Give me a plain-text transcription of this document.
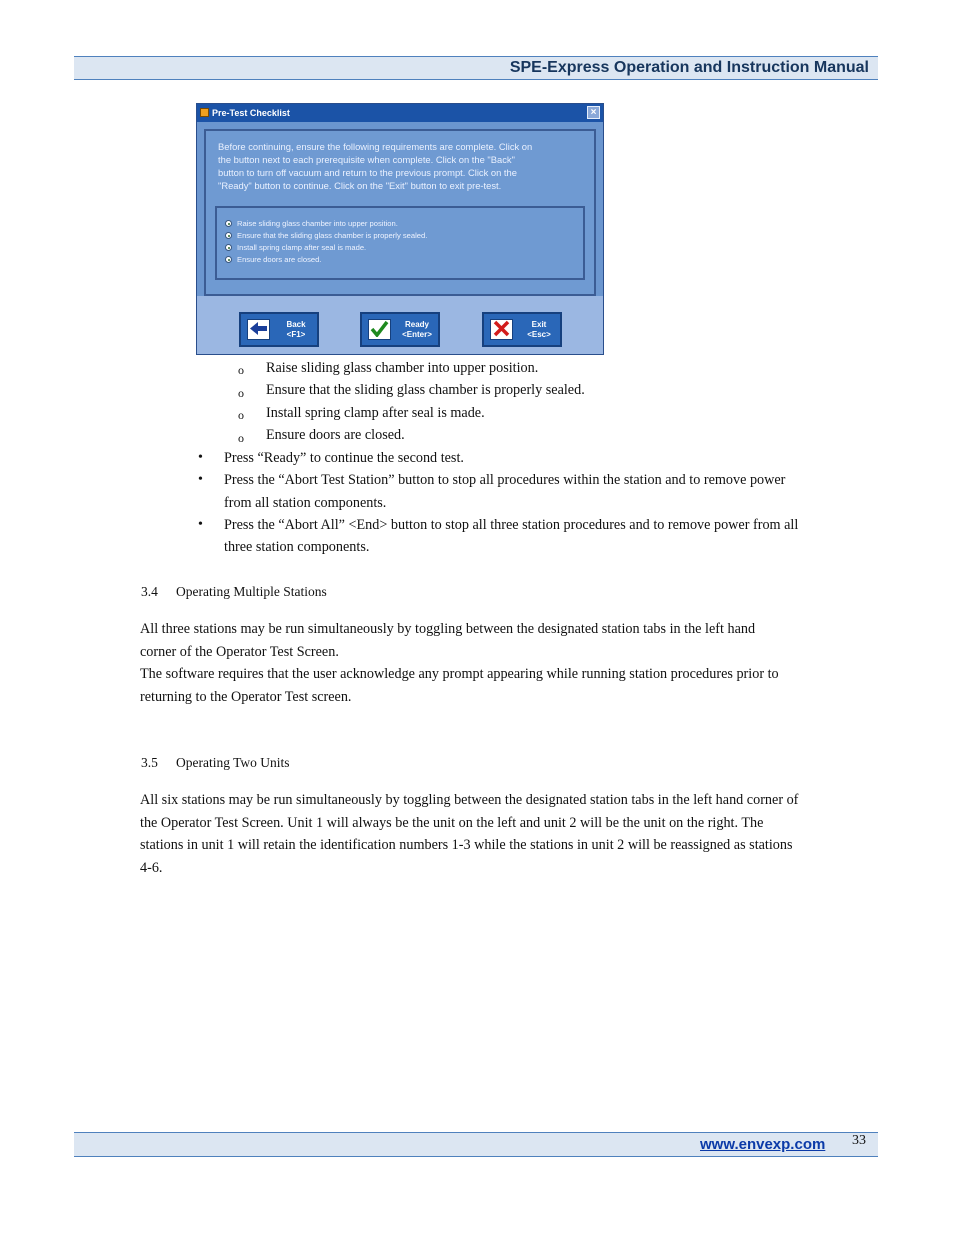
SPE-Express Operation and Instruction Manual
Pre-Test Checklist	×
Before continuing, ensure the following requirements are complete. Click on
the button next to each prerequisite when complete. Click on the "Back"
button to turn off vacuum and return to the previous prompt. Click on the
"Ready" button to continue. Click on the "Exit" button to exit pre-test.
Raise sliding glass chamber into upper position.
Ensure that the sliding glass chamber is properly sealed.
Install spring clamp after seal is made.
Ensure doors are closed.
Back
<F1>
Ready
<Enter>
Exit
<Esc>
o Raise sliding glass chamber into upper position.
o Ensure that the sliding glass chamber is properly sealed.
o Install spring clamp after seal is made.
o Ensure doors are closed.
• Press “Ready” to continue the second test.
• Press the “Abort Test Station” button to stop all procedures within the station and to remove power
from all station components.
• Press the “Abort All” <End> button to stop all three station procedures and to remove power from all
three station components.
3.4 Operating Multiple Stations
All three stations may be run simultaneously by toggling between the designated station tabs in the left hand
corner of the Operator Test Screen.
The software requires that the user acknowledge any prompt appearing while running station procedures prior to
returning to the Operator Test screen.
3.5 Operating Two Units
All six stations may be run simultaneously by toggling between the designated station tabs in the left hand corner of
the Operator Test Screen. Unit 1 will always be the unit on the left and unit 2 will be the unit on the right. The
stations in unit 1 will retain the identification numbers 1-3 while the stations in unit 2 will be reassigned as stations
4-6.
www.envexp.com 33
